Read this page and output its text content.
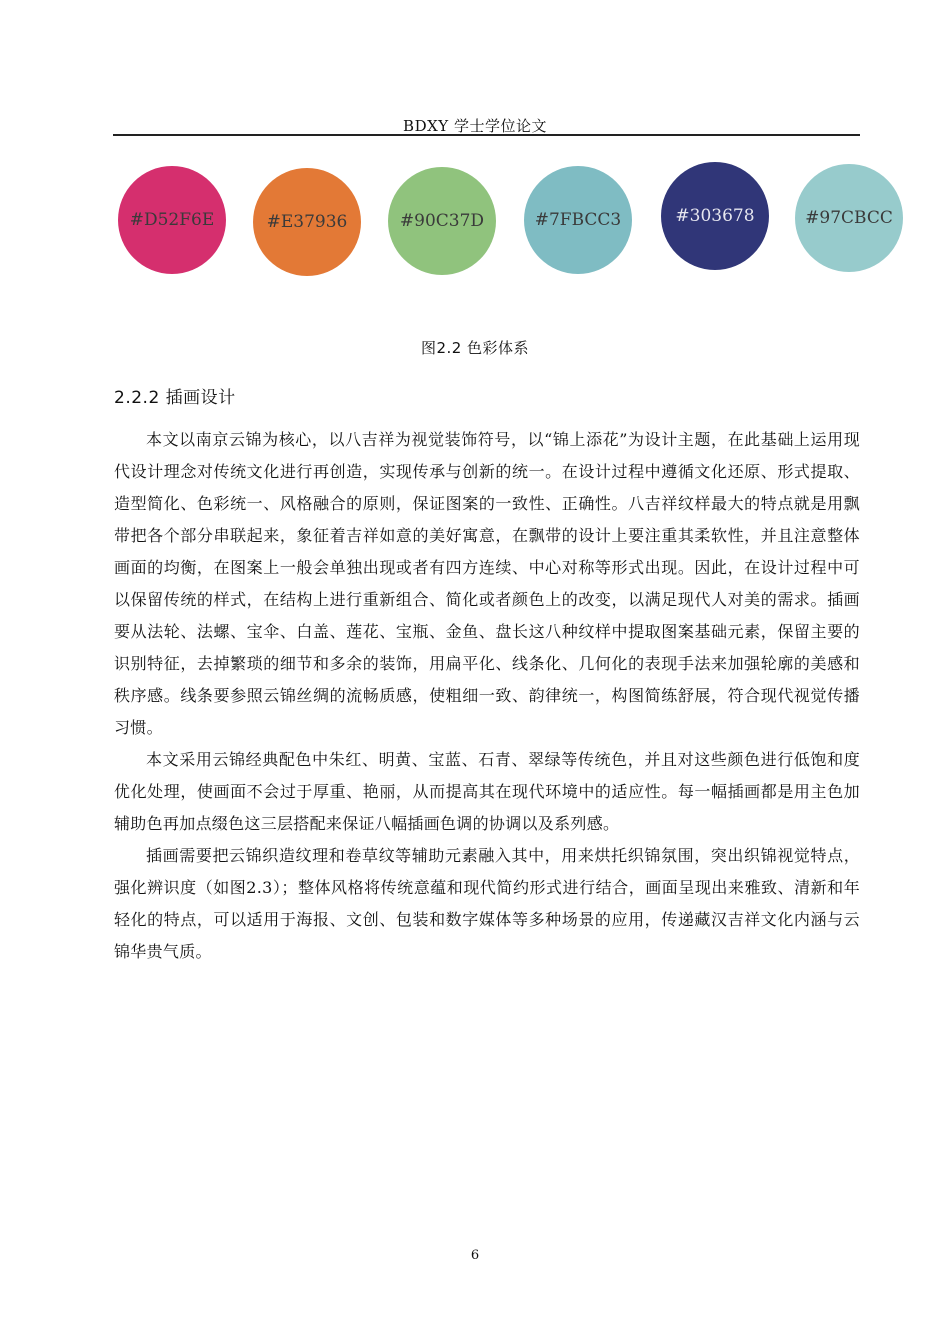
BDXY 学士学位论文
#D52F6E	#E37936	#90C37D	#7FBCC3	#303678	#97CBCC
图2.2 色彩体系
2.2.2 插画设计

本文以南京云锦为核心，以八吉祥为视觉装饰符号，以“锦上添花”为设计主题，在此基础上运用现代设计理念对传统文化进行再创造，实现传承与创新的统一。在设计过程中遵循文化还原、形式提取、造型简化、色彩统一、风格融合的原则，保证图案的一致性、正确性。八吉祥纹样最大的特点就是用飘带把各个部分串联起来，象征着吉祥如意的美好寓意，在飘带的设计上要注重其柔软性，并且注意整体画面的均衡，在图案上一般会单独出现或者有四方连续、中心对称等形式出现。因此，在设计过程中可以保留传统的样式，在结构上进行重新组合、简化或者颜色上的改变，以满足现代人对美的需求。插画要从法轮、法螺、宝伞、白盖、莲花、宝瓶、金鱼、盘长这八种纹样中提取图案基础元素，保留主要的识别特征，去掉繁琐的细节和多余的装饰，用扁平化、线条化、几何化的表现手法来加强轮廓的美感和秩序感。线条要参照云锦丝绸的流畅质感，使粗细一致、韵律统一，构图简练舒展，符合现代视觉传播习惯。

本文采用云锦经典配色中朱红、明黄、宝蓝、石青、翠绿等传统色，并且对这些颜色进行低饱和度优化处理，使画面不会过于厚重、艳丽，从而提高其在现代环境中的适应性。每一幅插画都是用主色加辅助色再加点缀色这三层搭配来保证八幅插画色调的协调以及系列感。

插画需要把云锦织造纹理和卷草纹等辅助元素融入其中，用来烘托织锦氛围，突出织锦视觉特点，强化辨识度（如图2.3）；整体风格将传统意蕴和现代简约形式进行结合，画面呈现出来雅致、清新和年轻化的特点，可以适用于海报、文创、包装和数字媒体等多种场景的应用，传递藏汉吉祥文化内涵与云锦华贵气质。

6
